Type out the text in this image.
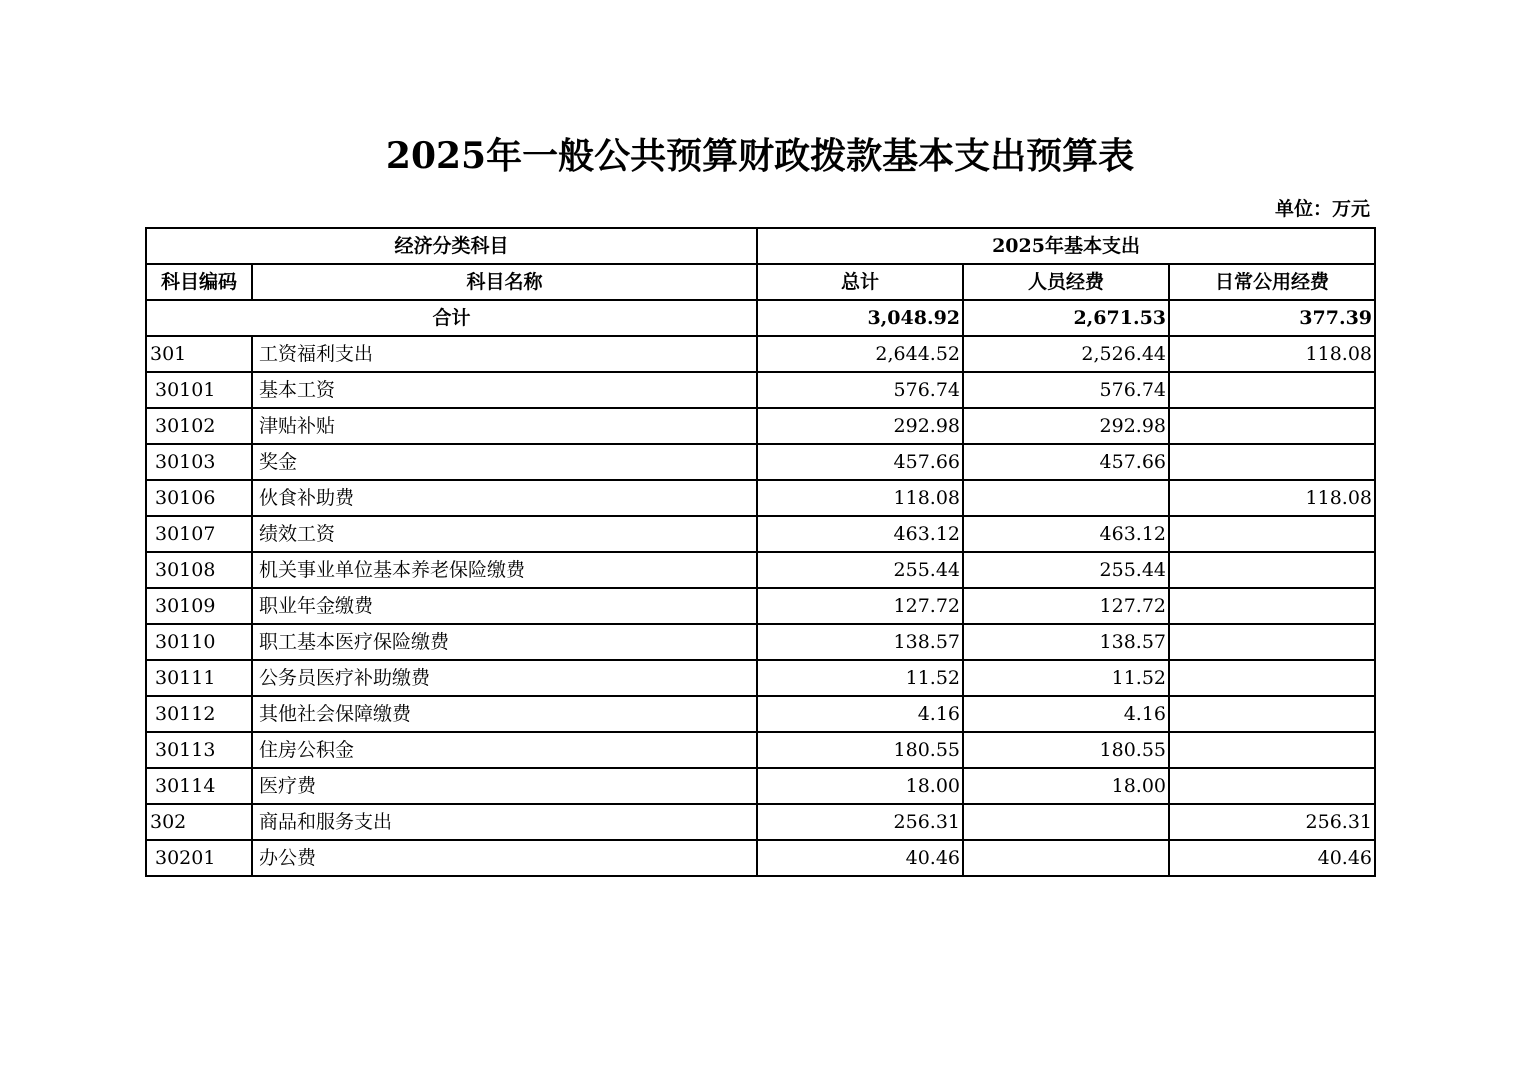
2025年一般公共预算财政拨款基本支出预算表
单位：万元
经济分类科目		2025年基本支出		
科目编码	科目名称	总计	人员经费	日常公用经费
合计		3,048.92	2,671.53	377.39
301	工资福利支出	2,644.52	2,526.44	118.08
30101	基本工资	576.74	576.74	
30102	津贴补贴	292.98	292.98	
30103	奖金	457.66	457.66	
30106	伙食补助费	118.08		118.08
30107	绩效工资	463.12	463.12	
30108	机关事业单位基本养老保险缴费	255.44	255.44	
30109	职业年金缴费	127.72	127.72	
30110	职工基本医疗保险缴费	138.57	138.57	
30111	公务员医疗补助缴费	11.52	11.52	
30112	其他社会保障缴费	4.16	4.16	
30113	住房公积金	180.55	180.55	
30114	医疗费	18.00	18.00	
302	商品和服务支出	256.31		256.31
30201	办公费	40.46		40.46
